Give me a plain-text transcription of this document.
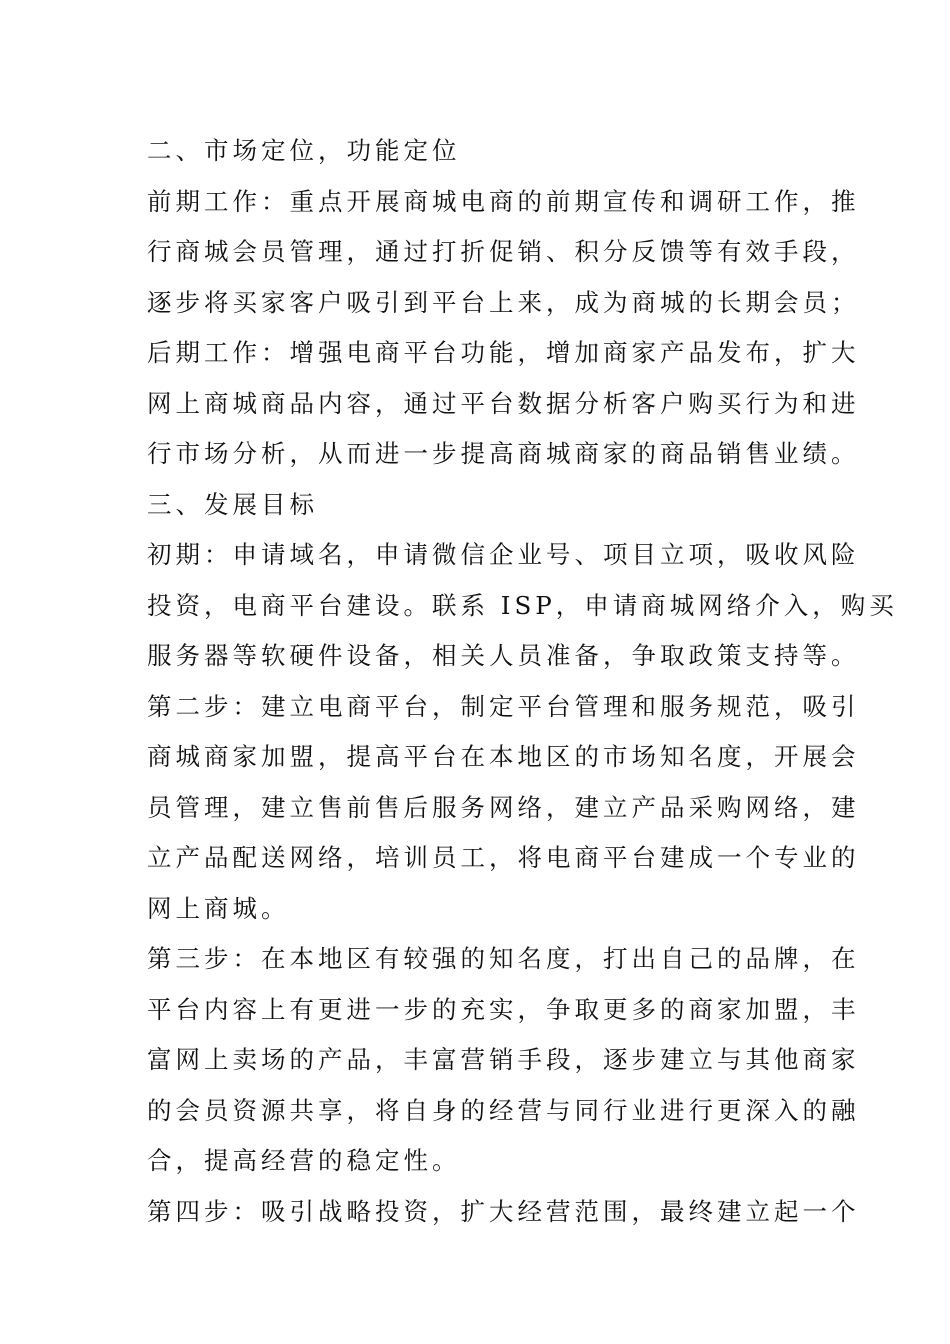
二、市场定位，功能定位
前期工作：重点开展商城电商的前期宣传和调研工作，推
行商城会员管理，通过打折促销、积分反馈等有效手段，
逐步将买家客户吸引到平台上来，成为商城的长期会员；
后期工作：增强电商平台功能，增加商家产品发布，扩大
网上商城商品内容，通过平台数据分析客户购买行为和进
行市场分析，从而进一步提高商城商家的商品销售业绩。
三、发展目标
初期：申请域名，申请微信企业号、项目立项，吸收风险
投资，电商平台建设。联系 ISP，申请商城网络介入，购买
服务器等软硬件设备，相关人员准备，争取政策支持等。
第二步：建立电商平台，制定平台管理和服务规范，吸引
商城商家加盟，提高平台在本地区的市场知名度，开展会
员管理，建立售前售后服务网络，建立产品采购网络，建
立产品配送网络，培训员工，将电商平台建成一个专业的
网上商城。
第三步：在本地区有较强的知名度，打出自己的品牌，在
平台内容上有更进一步的充实，争取更多的商家加盟，丰
富网上卖场的产品，丰富营销手段，逐步建立与其他商家
的会员资源共享，将自身的经营与同行业进行更深入的融
合，提高经营的稳定性。
第四步：吸引战略投资，扩大经营范围，最终建立起一个
